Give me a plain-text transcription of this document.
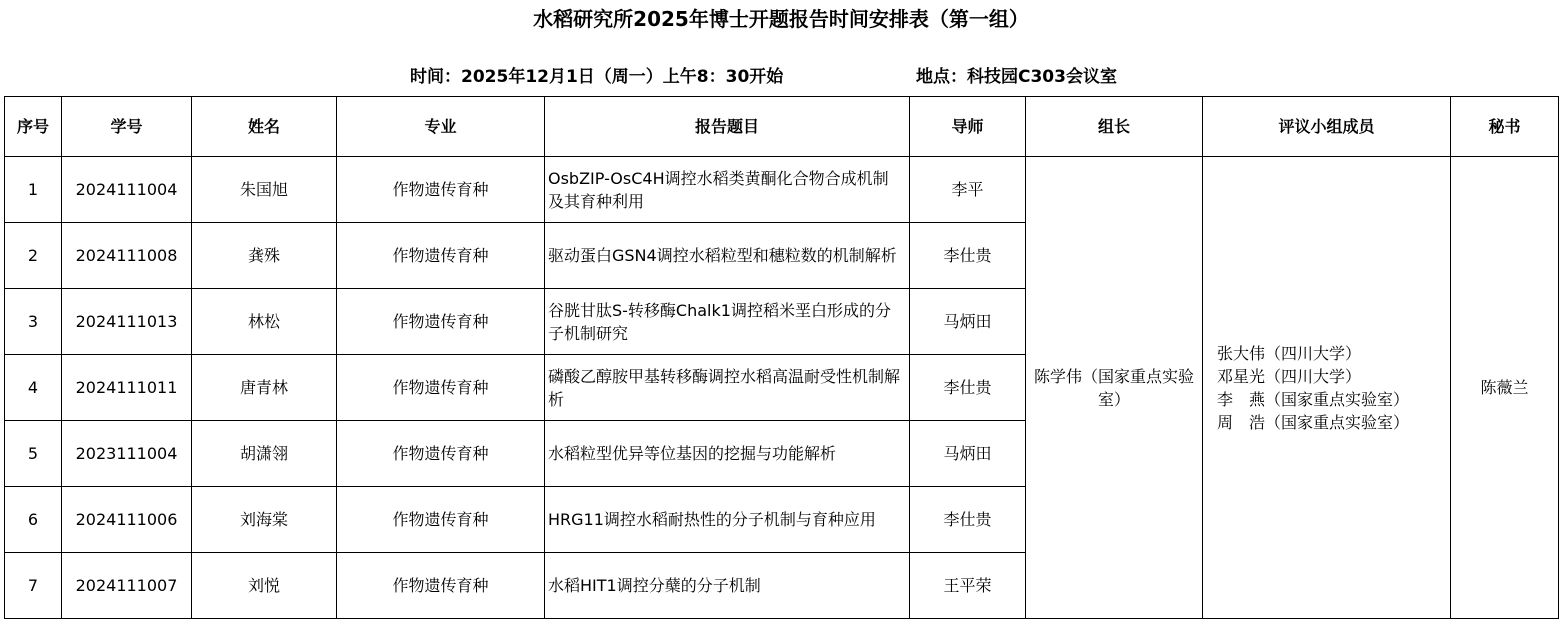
水稻研究所2025年博士开题报告时间安排表（第一组）
时间：2025年12月1日（周一）上午8：30开始	地点：科技园C303会议室
序号	学号	姓名	专业	报告题目	导师	组长	评议小组成员	秘书
1	2024111004	朱国旭	作物遗传育种	OsbZIP-OsC4H调控水稻类黄酮化合物合成机制及其育种利用	李平	陈学伟（国家重点实验室）	张大伟（四川大学）
邓星光（四川大学）
李　燕（国家重点实验室）
周　浩（国家重点实验室）	陈薇兰
2	2024111008	龚殊	作物遗传育种	驱动蛋白GSN4调控水稻粒型和穗粒数的机制解析	李仕贵			
3	2024111013	林松	作物遗传育种	谷胱甘肽S-转移酶Chalk1调控稻米垩白形成的分子机制研究	马炳田			
4	2024111011	唐青林	作物遗传育种	磷酸乙醇胺甲基转移酶调控水稻高温耐受性机制解析	李仕贵			
5	2023111004	胡潇翎	作物遗传育种	水稻粒型优异等位基因的挖掘与功能解析	马炳田			
6	2024111006	刘海棠	作物遗传育种	HRG11调控水稻耐热性的分子机制与育种应用	李仕贵			
7	2024111007	刘悦	作物遗传育种	水稻HIT1调控分蘖的分子机制	王平荣			
